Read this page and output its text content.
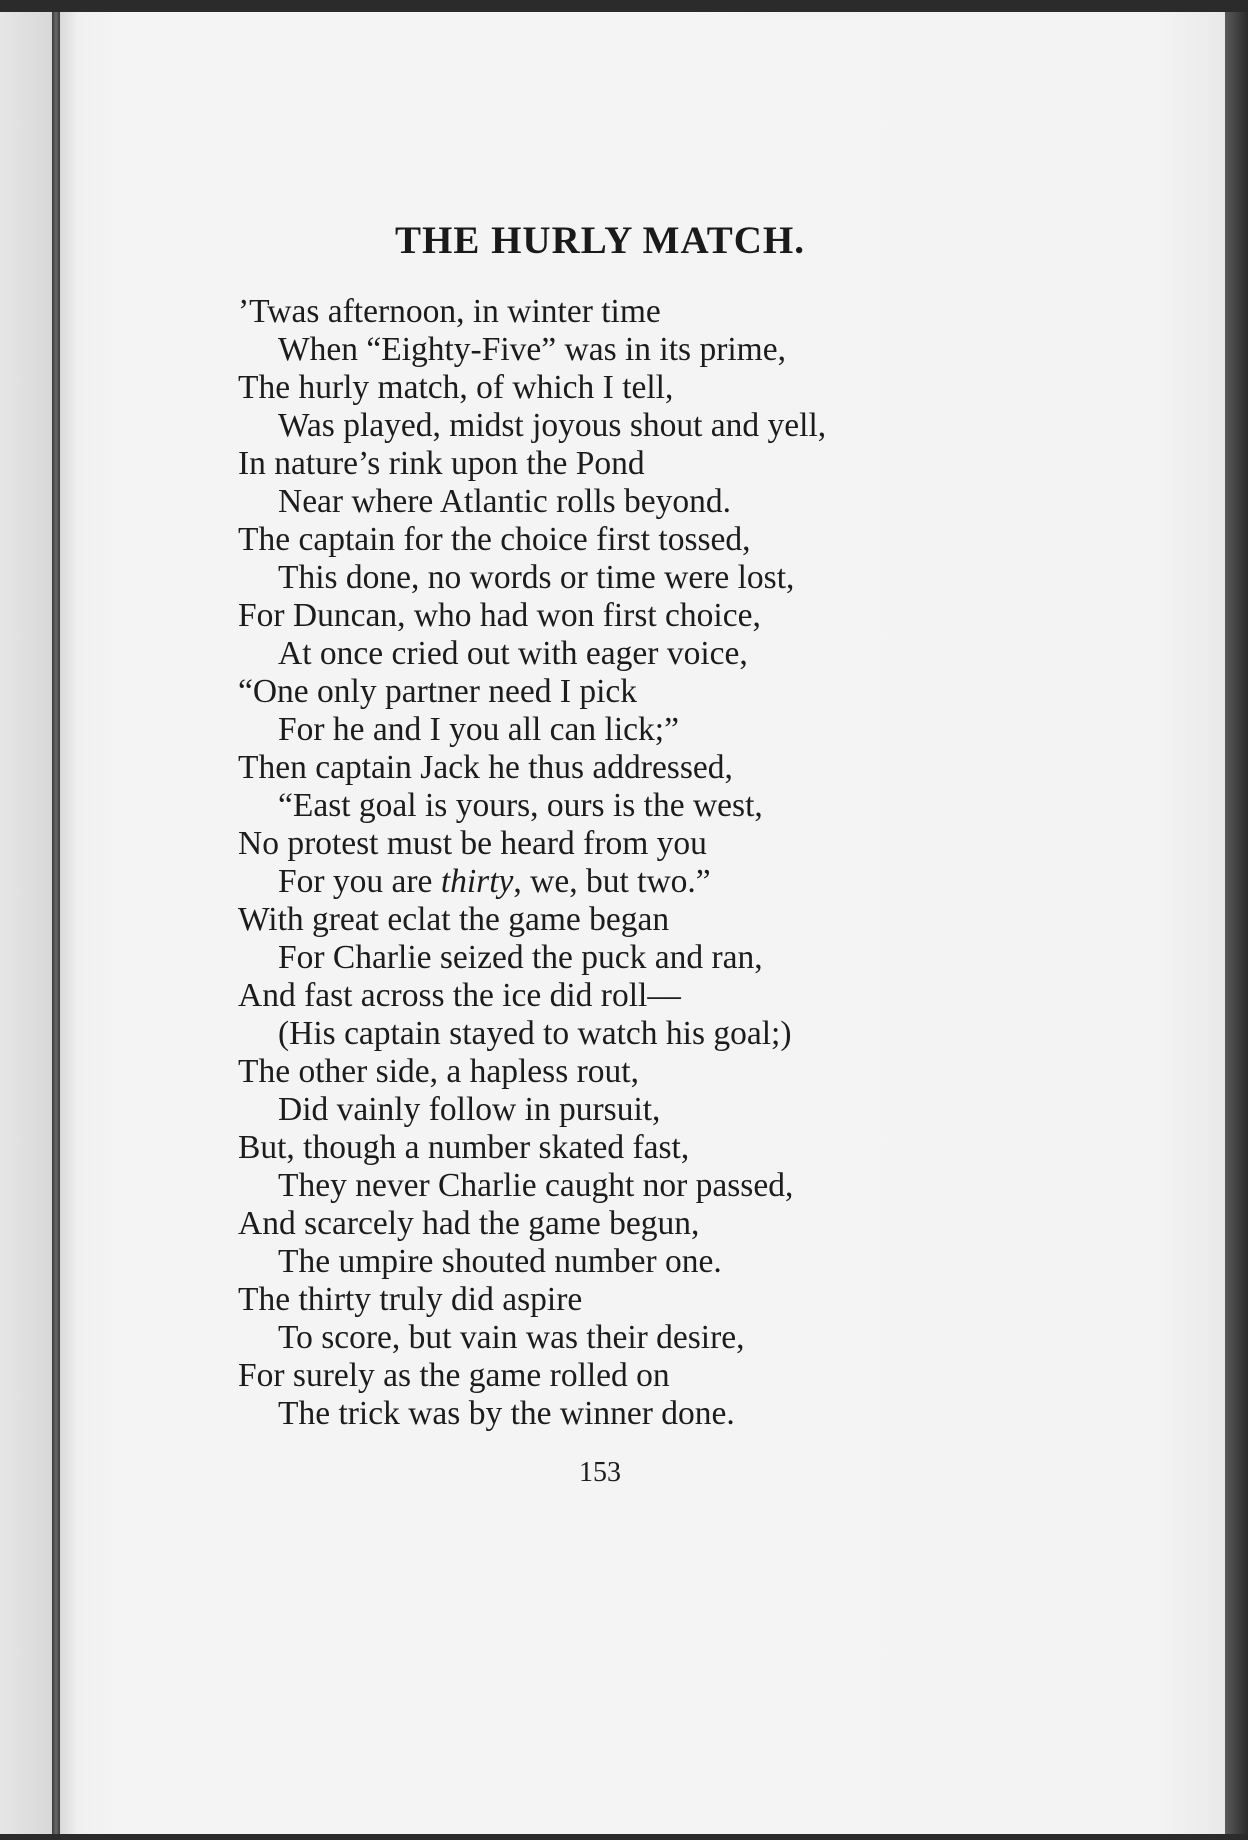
THE HURLY MATCH.
’Twas afternoon, in winter time
When “Eighty-Five” was in its prime,
The hurly match, of which I tell,
Was played, midst joyous shout and yell,
In nature’s rink upon the Pond
Near where Atlantic rolls beyond.
The captain for the choice first tossed,
This done, no words or time were lost,
For Duncan, who had won first choice,
At once cried out with eager voice,
“One only partner need I pick
For he and I you all can lick;”
Then captain Jack he thus addressed,
“East goal is yours, ours is the west,
No protest must be heard from you
For you are thirty, we, but two.”
With great eclat the game began
For Charlie seized the puck and ran,
And fast across the ice did roll—
(His captain stayed to watch his goal;)
The other side, a hapless rout,
Did vainly follow in pursuit,
But, though a number skated fast,
They never Charlie caught nor passed,
And scarcely had the game begun,
The umpire shouted number one.
The thirty truly did aspire
To score, but vain was their desire,
For surely as the game rolled on
The trick was by the winner done.
153
